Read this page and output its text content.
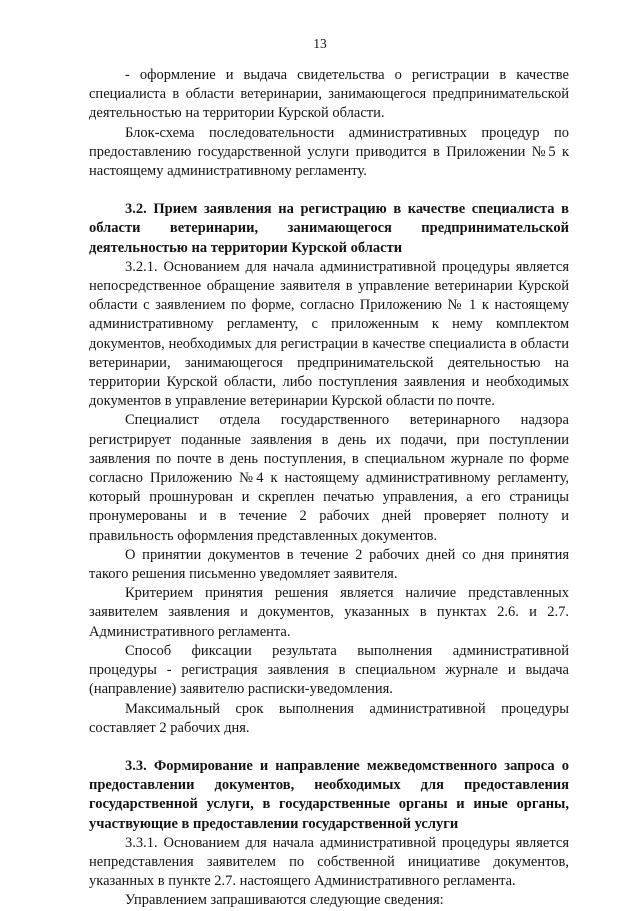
13

- оформление и выдача свидетельства о регистрации в качестве специалиста в области ветеринарии, занимающегося предпринимательской деятельностью на территории Курской области.

Блок-схема последовательности административных процедур по предоставлению государственной услуги приводится в Приложении №5 к настоящему административному регламенту.

3.2. Прием заявления на регистрацию в качестве специалиста в области ветеринарии, занимающегося предпринимательской деятельностью на территории Курской области

3.2.1. Основанием для начала административной процедуры является непосредственное обращение заявителя в управление ветеринарии Курской области с заявлением по форме, согласно Приложению № 1 к настоящему административному регламенту, с приложенным к нему комплектом документов, необходимых для регистрации в качестве специалиста в области ветеринарии, занимающегося предпринимательской деятельностью на территории Курской области, либо поступления заявления и необходимых документов в управление ветеринарии Курской области по почте.

Специалист отдела государственного ветеринарного надзора регистрирует поданные заявления в день их подачи, при поступлении заявления по почте в день поступления, в специальном журнале по форме согласно Приложению №4 к настоящему административному регламенту, который прошнурован и скреплен печатью управления, а его страницы пронумерованы и в течение 2 рабочих дней проверяет полноту и правильность оформления представленных документов.

О принятии документов в течение 2 рабочих дней со дня принятия такого решения письменно уведомляет заявителя.

Критерием принятия решения является наличие представленных заявителем заявления и документов, указанных в пунктах 2.6. и 2.7. Административного регламента.

Способ фиксации результата выполнения административной процедуры - регистрация заявления в специальном журнале и выдача (направление) заявителю расписки-уведомления.

Максимальный срок выполнения административной процедуры составляет 2 рабочих дня.

3.3. Формирование и направление межведомственного запроса о предоставлении документов, необходимых для предоставления государственной услуги, в государственные органы и иные органы, участвующие в предоставлении государственной услуги

3.3.1. Основанием для начала административной процедуры является непредставления заявителем по собственной инициативе документов, указанных в пункте 2.7. настоящего Административного регламента.

Управлением запрашиваются следующие сведения:
